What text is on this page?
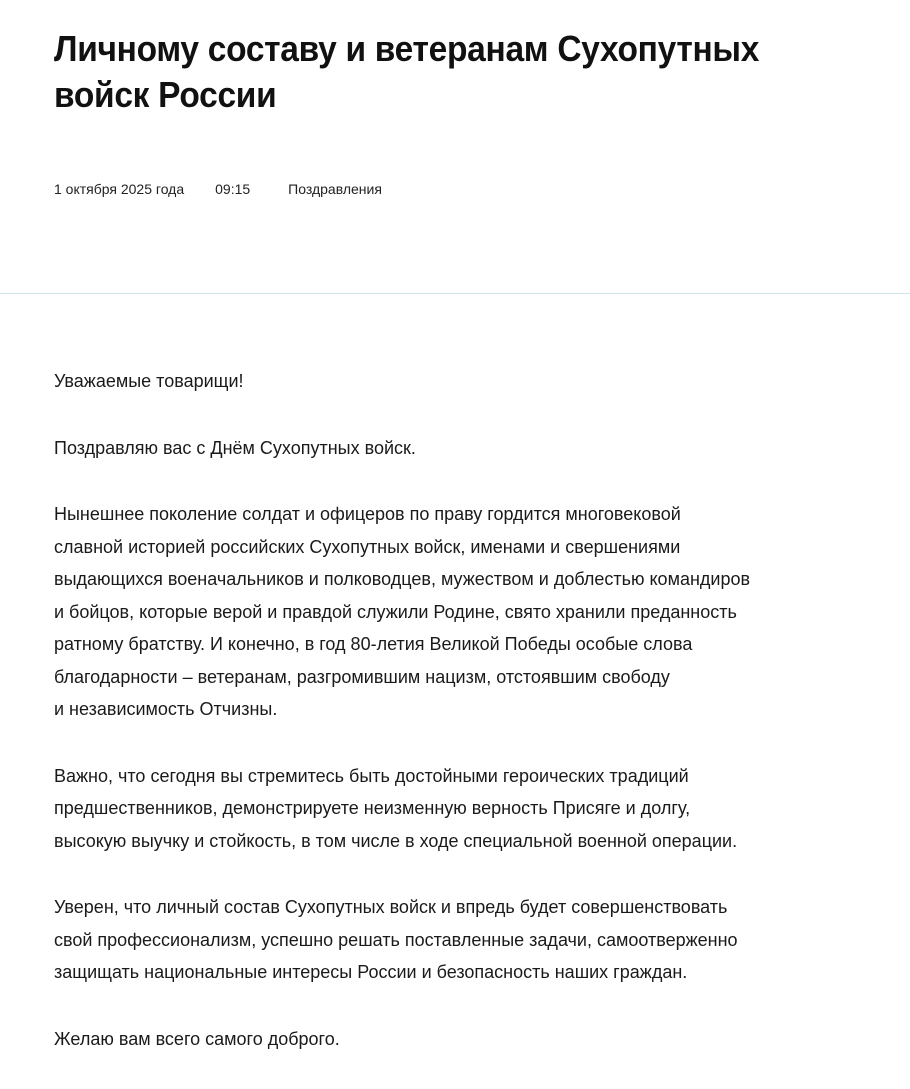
Личному составу и ветеранам Сухопутных войск России
1 октября 2025 года 09:15	Поздравления

Уважаемые товарищи!

Поздравляю вас с Днём Сухопутных войск.

Нынешнее поколение солдат и офицеров по праву гордится многовековой
славной историей российских Сухопутных войск, именами и свершениями
выдающихся военачальников и полководцев, мужеством и доблестью командиров
и бойцов, которые верой и правдой служили Родине, свято хранили преданность
ратному братству. И конечно, в год 80-летия Великой Победы особые слова
благодарности – ветеранам, разгромившим нацизм, отстоявшим свободу
и независимость Отчизны.

Важно, что сегодня вы стремитесь быть достойными героических традиций
предшественников, демонстрируете неизменную верность Присяге и долгу,
высокую выучку и стойкость, в том числе в ходе специальной военной операции.

Уверен, что личный состав Сухопутных войск и впредь будет совершенствовать
свой профессионализм, успешно решать поставленные задачи, самоотверженно
защищать национальные интересы России и безопасность наших граждан.

Желаю вам всего самого доброго.
